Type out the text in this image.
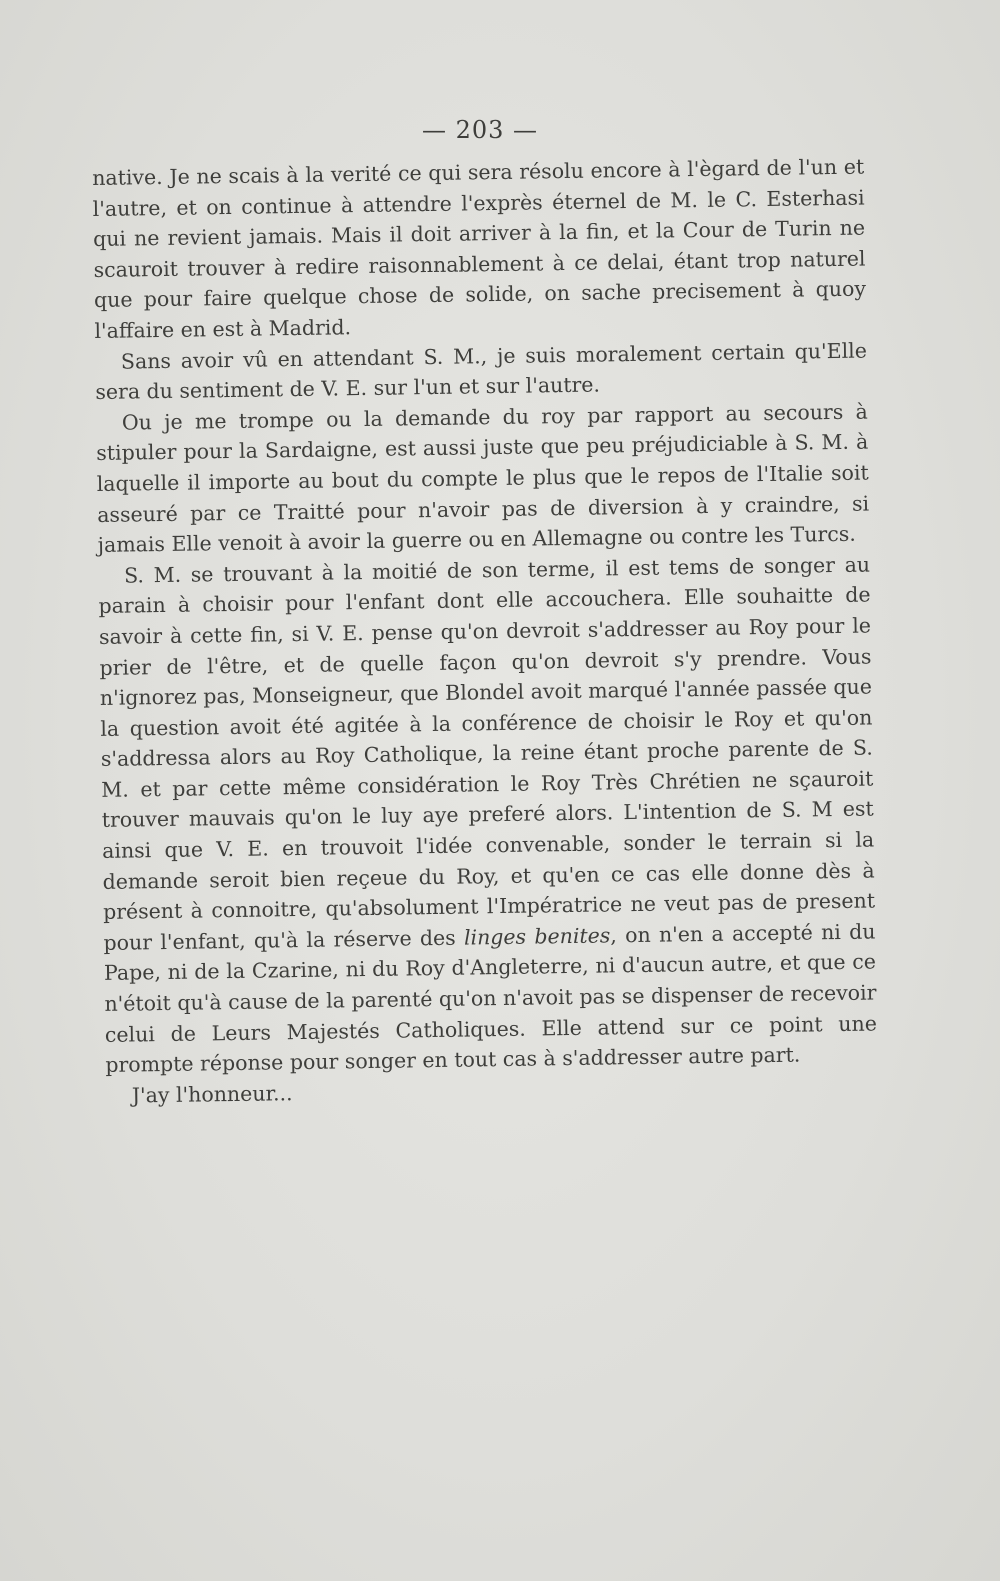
— 203 —

native. Je ne scais à la verité ce qui sera résolu encore à l'ègard de l'un et l'autre, et on continue à attendre l'exprès éternel de M. le C. Esterhasi qui ne revient jamais. Mais il doit arriver à la fin, et la Cour de Turin ne scauroit trouver à redire raisonnablement à ce delai, étant trop naturel que pour faire quelque chose de solide, on sache precisement à quoy l'affaire en est à Madrid.

Sans avoir vû en attendant S. M., je suis moralement certain qu'Elle sera du sentiment de V. E. sur l'un et sur l'autre.

Ou je me trompe ou la demande du roy par rapport au secours à stipuler pour la Sardaigne, est aussi juste que peu préjudiciable à S. M. à laquelle il importe au bout du compte le plus que le repos de l'Italie soit asseuré par ce Traitté pour n'avoir pas de diversion à y craindre, si jamais Elle venoit à avoir la guerre ou en Allemagne ou contre les Turcs.

S. M. se trouvant à la moitié de son terme, il est tems de songer au parain à choisir pour l'enfant dont elle accouchera. Elle souhaitte de savoir à cette fin, si V. E. pense qu'on devroit s'addresser au Roy pour le prier de l'être, et de quelle façon qu'on devroit s'y prendre. Vous n'ignorez pas, Monseigneur, que Blondel avoit marqué l'année passée que la question avoit été agitée à la conférence de choisir le Roy et qu'on s'addressa alors au Roy Catholique, la reine étant proche parente de S. M. et par cette même considération le Roy Très Chrétien ne sçauroit trouver mauvais qu'on le luy aye preferé alors. L'intention de S. M est ainsi que V. E. en trouvoit l'idée convenable, sonder le terrain si la demande seroit bien reçeue du Roy, et qu'en ce cas elle donne dès à présent à connoitre, qu'absolument l'Impératrice ne veut pas de present pour l'enfant, qu'à la réserve des linges benites, on n'en a accepté ni du Pape, ni de la Czarine, ni du Roy d'Angleterre, ni d'aucun autre, et que ce n'étoit qu'à cause de la parenté qu'on n'avoit pas se dispenser de recevoir celui de Leurs Majestés Catholiques. Elle attend sur ce point une prompte réponse pour songer en tout cas à s'addresser autre part.

J'ay l'honneur...
